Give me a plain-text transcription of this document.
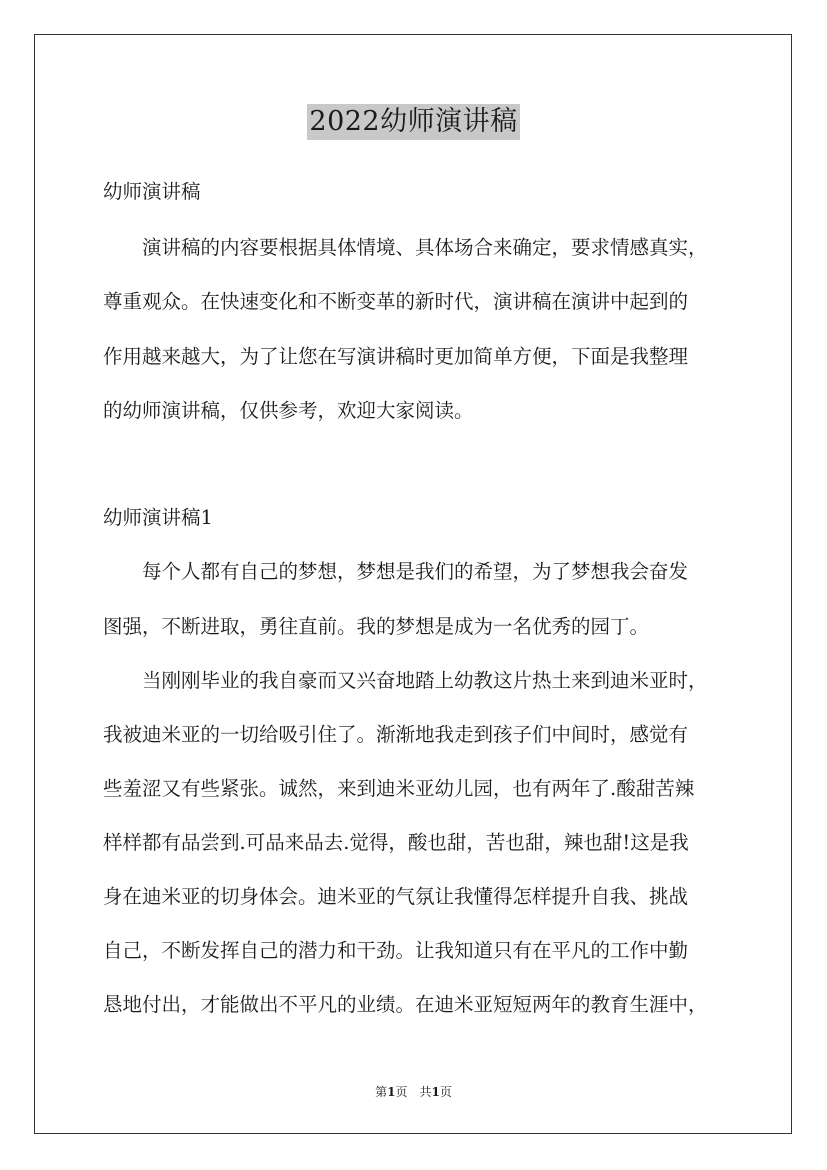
2022幼师演讲稿
幼师演讲稿
　　演讲稿的内容要根据具体情境、具体场合来确定，要求情感真实，
尊重观众。在快速变化和不断变革的新时代，演讲稿在演讲中起到的
作用越来越大，为了让您在写演讲稿时更加简单方便，下面是我整理
的幼师演讲稿，仅供参考，欢迎大家阅读。
幼师演讲稿1
　　每个人都有自己的梦想，梦想是我们的希望，为了梦想我会奋发
图强，不断进取，勇往直前。我的梦想是成为一名优秀的园丁。
　　当刚刚毕业的我自豪而又兴奋地踏上幼教这片热土来到迪米亚时，
我被迪米亚的一切给吸引住了。渐渐地我走到孩子们中间时，感觉有
些羞涩又有些紧张。诚然，来到迪米亚幼儿园，也有两年了.酸甜苦辣
样样都有品尝到.可品来品去.觉得，酸也甜，苦也甜，辣也甜!这是我
身在迪米亚的切身体会。迪米亚的气氛让我懂得怎样提升自我、挑战
自己，不断发挥自己的潜力和干劲。让我知道只有在平凡的工作中勤
恳地付出，才能做出不平凡的业绩。在迪米亚短短两年的教育生涯中，
第1页　 共1页
